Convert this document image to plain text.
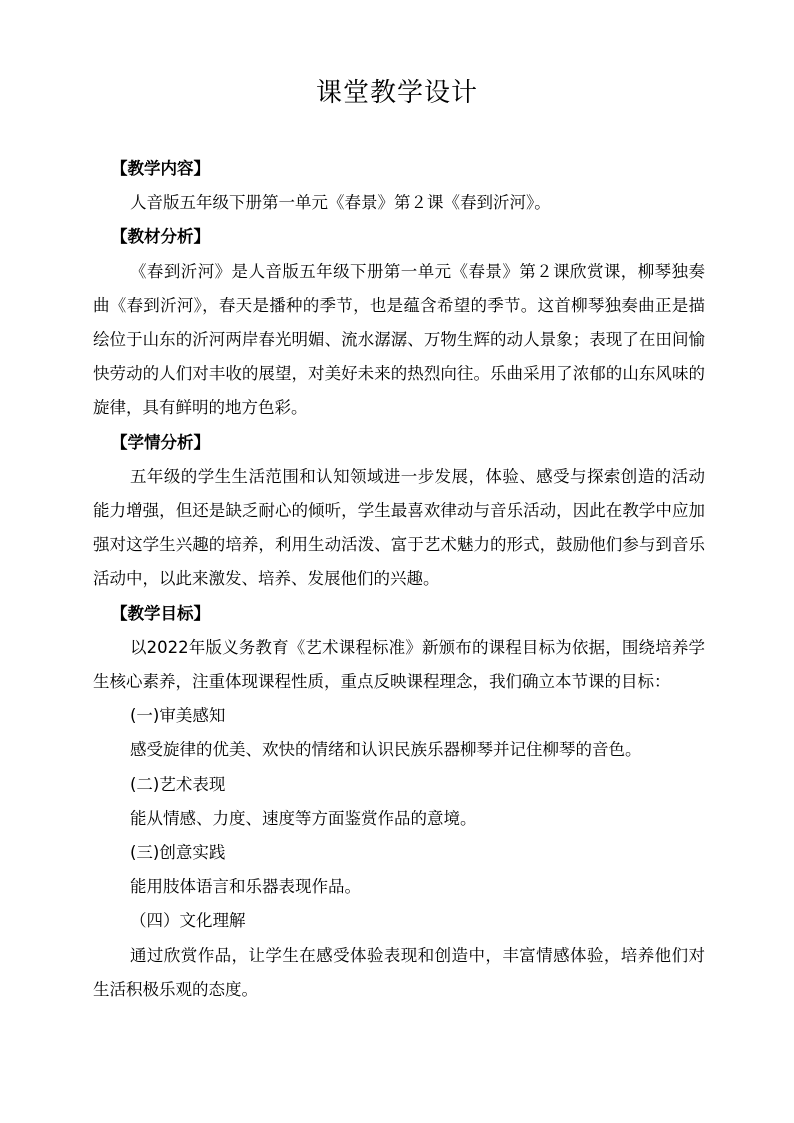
课堂教学设计
【教学内容】
人音版五年级下册第一单元《春景》第２课《春到沂河》。
【教材分析】
《春到沂河》是人音版五年级下册第一单元《春景》第２课欣赏课，柳琴独奏曲《春到沂河》，春天是播种的季节，也是蕴含希望的季节。这首柳琴独奏曲正是描绘位于山东的沂河两岸春光明媚、流水潺潺、万物生辉的动人景象；表现了在田间愉快劳动的人们对丰收的展望，对美好未来的热烈向往。乐曲采用了浓郁的山东风味的旋律，具有鲜明的地方色彩。
【学情分析】
五年级的学生生活范围和认知领域进一步发展，体验、感受与探索创造的活动能力增强，但还是缺乏耐心的倾听，学生最喜欢律动与音乐活动，因此在教学中应加强对这学生兴趣的培养，利用生动活泼、富于艺术魅力的形式，鼓励他们参与到音乐活动中，以此来激发、培养、发展他们的兴趣。
【教学目标】
以2022年版义务教育《艺术课程标准》新颁布的课程目标为依据，围绕培养学生核心素养，注重体现课程性质，重点反映课程理念，我们确立本节课的目标：
(一)审美感知
感受旋律的优美、欢快的情绪和认识民族乐器柳琴并记住柳琴的音色。
(二)艺术表现
能从情感、力度、速度等方面鉴赏作品的意境。
(三)创意实践
能用肢体语言和乐器表现作品。
（四）文化理解
通过欣赏作品，让学生在感受体验表现和创造中，丰富情感体验，培养他们对生活积极乐观的态度。
